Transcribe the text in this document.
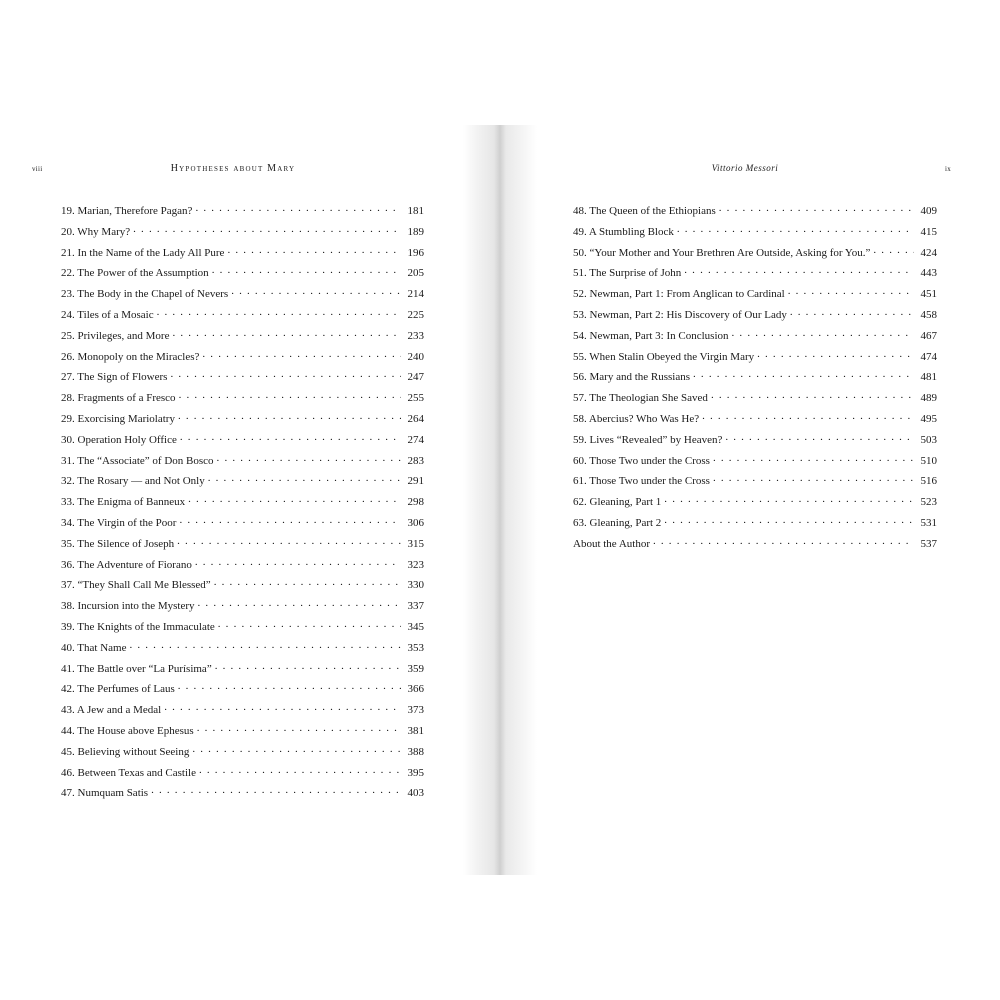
viii	Hypotheses about Mary
19. Marian, Therefore Pagan? . . .	181
20. Why Mary? . . .	189
21. In the Name of the Lady All Pure . . .	196
22. The Power of the Assumption . . .	205
23. The Body in the Chapel of Nevers . . .	214
24. Tiles of a Mosaic . . .	225
25. Privileges, and More . . .	233
26. Monopoly on the Miracles? . . .	240
27. The Sign of Flowers . . .	247
28. Fragments of a Fresco . . .	255
29. Exorcising Mariolatry . . .	264
30. Operation Holy Office . . .	274
31. The “Associate” of Don Bosco . . .	283
32. The Rosary — and Not Only . . .	291
33. The Enigma of Banneux . . .	298
34. The Virgin of the Poor . . .	306
35. The Silence of Joseph . . .	315
36. The Adventure of Fiorano . . .	323
37. “They Shall Call Me Blessed” . . .	330
38. Incursion into the Mystery . . .	337
39. The Knights of the Immaculate . . .	345
40. That Name . . .	353
41. The Battle over “La Purísima” . . .	359
42. The Perfumes of Laus . . .	366
43. A Jew and a Medal . . .	373
44. The House above Ephesus . . .	381
45. Believing without Seeing . . .	388
46. Between Texas and Castile . . .	395
47. Numquam Satis . . .	403
Vittorio Messori	ix
48. The Queen of the Ethiopians . . .	409
49. A Stumbling Block . . .	415
50. “Your Mother and Your Brethren Are Outside, Asking for You.” . . .	424
51. The Surprise of John . . .	443
52. Newman, Part 1: From Anglican to Cardinal . . .	451
53. Newman, Part 2: His Discovery of Our Lady . . .	458
54. Newman, Part 3: In Conclusion . . .	467
55. When Stalin Obeyed the Virgin Mary . . .	474
56. Mary and the Russians . . .	481
57. The Theologian She Saved . . .	489
58. Abercius? Who Was He? . . .	495
59. Lives “Revealed” by Heaven? . . .	503
60. Those Two under the Cross . . .	510
61. Those Two under the Cross . . .	516
62. Gleaning, Part 1 . . .	523
63. Gleaning, Part 2 . . .	531
About the Author . . .	537
